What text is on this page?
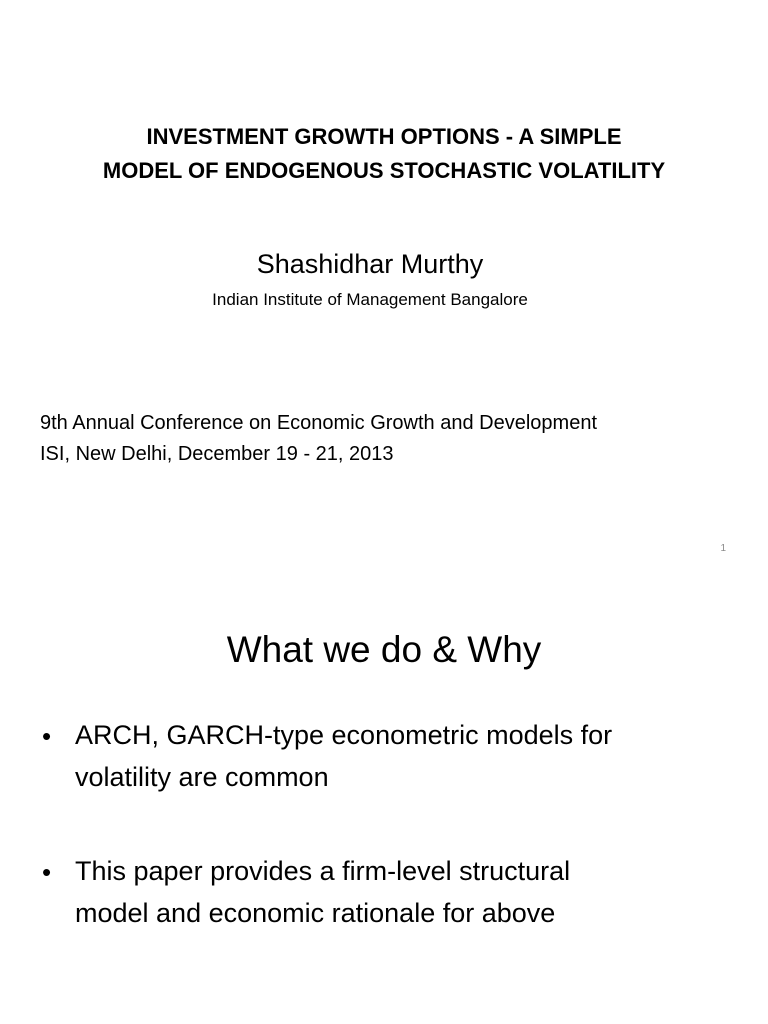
INVESTMENT GROWTH OPTIONS - A SIMPLE
MODEL OF ENDOGENOUS STOCHASTIC VOLATILITY
Shashidhar Murthy
Indian Institute of Management Bangalore
9th Annual Conference on Economic Growth and Development
ISI, New Delhi, December 19 - 21, 2013
1
What we do & Why
• ARCH, GARCH-type econometric models for
volatility are common
• This paper provides a firm-level structural
model and economic rationale for above
